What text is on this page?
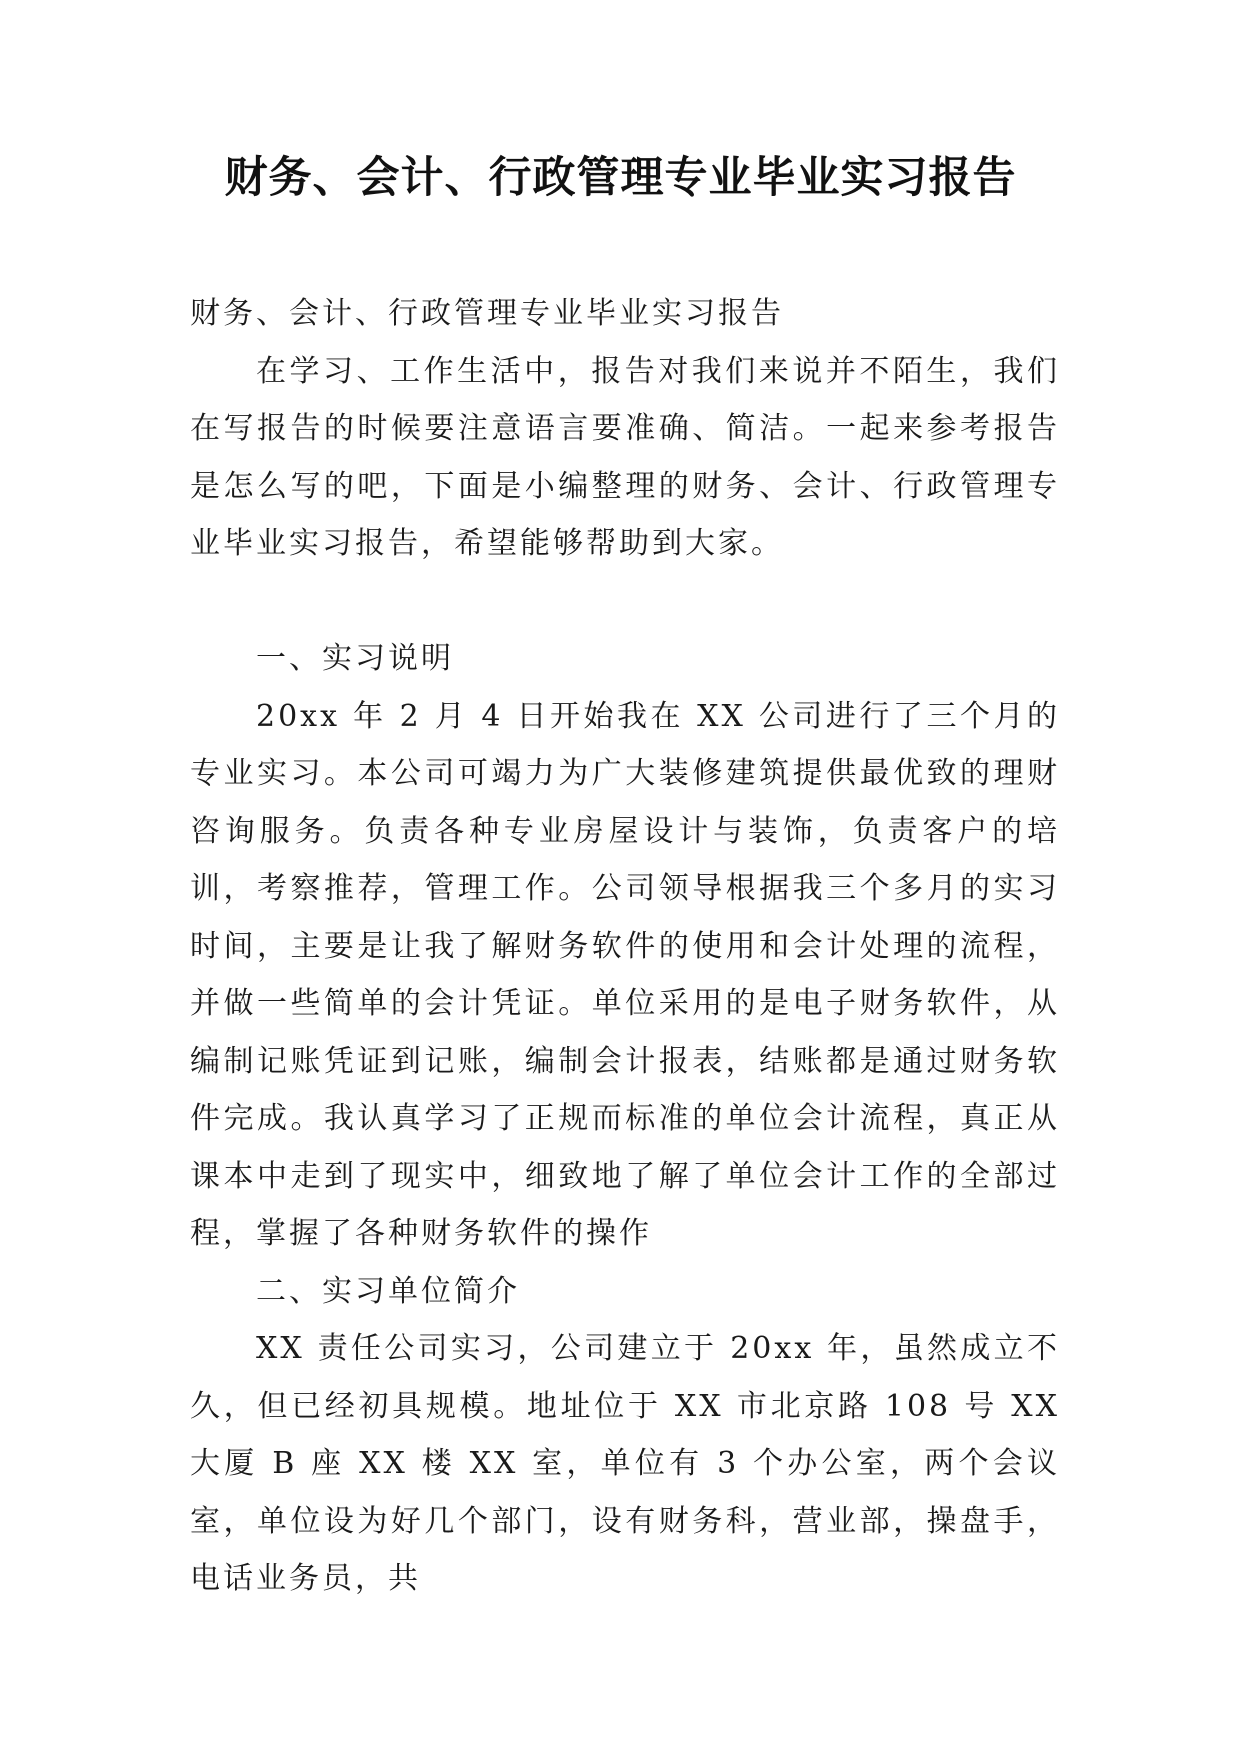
财务、会计、行政管理专业毕业实习报告

财务、会计、行政管理专业毕业实习报告

在学习、工作生活中，报告对我们来说并不陌生，我们在写报告的时候要注意语言要准确、简洁。一起来参考报告是怎么写的吧，下面是小编整理的财务、会计、行政管理专业毕业实习报告，希望能够帮助到大家。

一、实习说明

20xx 年 2 月 4 日开始我在 XX 公司进行了三个月的专业实习。本公司可竭力为广大装修建筑提供最优致的理财咨询服务。负责各种专业房屋设计与装饰，负责客户的培训，考察推荐，管理工作。公司领导根据我三个多月的实习时间，主要是让我了解财务软件的使用和会计处理的流程，并做一些简单的会计凭证。单位采用的是电子财务软件，从编制记账凭证到记账，编制会计报表，结账都是通过财务软件完成。我认真学习了正规而标准的单位会计流程，真正从课本中走到了现实中，细致地了解了单位会计工作的全部过程，掌握了各种财务软件的操作

二、实习单位简介

XX 责任公司实习，公司建立于 20xx 年，虽然成立不久，但已经初具规模。地址位于 XX 市北京路 108 号 XX 大厦 B 座 XX 楼 XX 室，单位有 3 个办公室，两个会议室，单位设为好几个部门，设有财务科，营业部，操盘手，电话业务员，共
